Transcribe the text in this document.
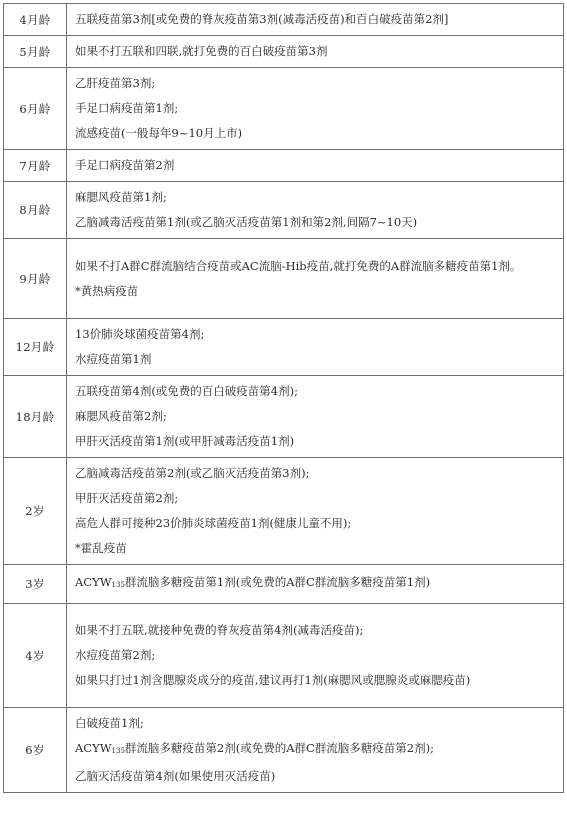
4月龄	五联疫苗第3剂[或免费的脊灰疫苗第3剂(减毒活疫苗)和百白破疫苗第2剂]

5月龄	如果不打五联和四联,就打免费的百白破疫苗第3剂

6月龄	乙肝疫苗第3剂;
手足口病疫苗第1剂;
流感疫苗(一般每年9~10月上市)

7月龄	手足口病疫苗第2剂

8月龄	麻腮风疫苗第1剂;
乙脑减毒活疫苗第1剂(或乙脑灭活疫苗第1剂和第2剂,间隔7~10天)

9月龄	如果不打A群C群流脑结合疫苗或AC流脑-Hib疫苗,就打免费的A群流脑多糖疫苗第1剂。
*黄热病疫苗

12月龄	13价肺炎球菌疫苗第4剂;
水痘疫苗第1剂

18月龄	五联疫苗第4剂(或免费的百白破疫苗第4剂);
麻腮风疫苗第2剂;
甲肝灭活疫苗第1剂(或甲肝减毒活疫苗1剂)

2岁	乙脑减毒活疫苗第2剂(或乙脑灭活疫苗第3剂);
甲肝灭活疫苗第2剂;
高危人群可接种23价肺炎球菌疫苗1剂(健康儿童不用);
*霍乱疫苗

3岁	ACYW135群流脑多糖疫苗第1剂(或免费的A群C群流脑多糖疫苗第1剂)

4岁	如果不打五联,就接种免费的脊灰疫苗第4剂(减毒活疫苗);
水痘疫苗第2剂;
如果只打过1剂含腮腺炎成分的疫苗,建议再打1剂(麻腮风或腮腺炎或麻腮疫苗)

6岁	白破疫苗1剂;
ACYW135群流脑多糖疫苗第2剂(或免费的A群C群流脑多糖疫苗第2剂);
乙脑灭活疫苗第4剂(如果使用灭活疫苗)
